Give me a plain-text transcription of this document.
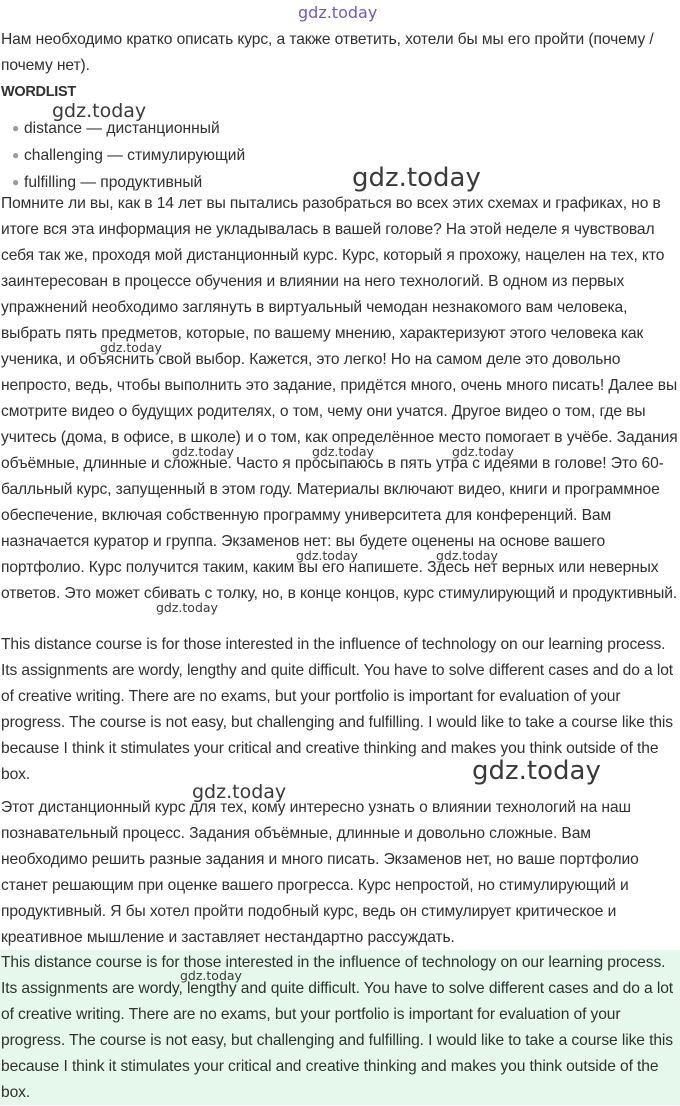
gdz.today

Нам необходимо кратко описать курс, а также ответить, хотели бы мы его пройти (почему / почему нет).

WORDLIST
● distance — дистанционный
● challenging — стимулирующий
● fulfilling — продуктивный

Помните ли вы, как в 14 лет вы пытались разобраться во всех этих схемах и графиках, но в итоге вся эта информация не укладывалась в вашей голове? На этой неделе я чувствовал себя так же, проходя мой дистанционный курс. Курс, который я прохожу, нацелен на тех, кто заинтересован в процессе обучения и влиянии на него технологий. В одном из первых упражнений необходимо заглянуть в виртуальный чемодан незнакомого вам человека, выбрать пять предметов, которые, по вашему мнению, характеризуют этого человека как ученика, и объяснить свой выбор. Кажется, это легко! Но на самом деле это довольно непросто, ведь, чтобы выполнить это задание, придётся много, очень много писать! Далее вы смотрите видео о будущих родителях, о том, чему они учатся. Другое видео о том, где вы учитесь (дома, в офисе, в школе) и о том, как определённое место помогает в учёбе. Задания объёмные, длинные и сложные. Часто я просыпаюсь в пять утра с идеями в голове! Это 60-балльный курс, запущенный в этом году. Материалы включают видео, книги и программное обеспечение, включая собственную программу университета для конференций. Вам назначается куратор и группа. Экзаменов нет: вы будете оценены на основе вашего портфолио. Курс получится таким, каким вы его напишете. Здесь нет верных или неверных ответов. Это может сбивать с толку, но, в конце концов, курс стимулирующий и продуктивный.

This distance course is for those interested in the influence of technology on our learning process. Its assignments are wordy, lengthy and quite difficult. You have to solve different cases and do a lot of creative writing. There are no exams, but your portfolio is important for evaluation of your progress. The course is not easy, but challenging and fulfilling. I would like to take a course like this because I think it stimulates your critical and creative thinking and makes you think outside of the box.

Этот дистанционный курс для тех, кому интересно узнать о влиянии технологий на наш познавательный процесс. Задания объёмные, длинные и довольно сложные. Вам необходимо решить разные задания и много писать. Экзаменов нет, но ваше портфолио станет решающим при оценке вашего прогресса. Курс непростой, но стимулирующий и продуктивный. Я бы хотел пройти подобный курс, ведь он стимулирует критическое и креативное мышление и заставляет нестандартно рассуждать.

This distance course is for those interested in the influence of technology on our learning process. Its assignments are wordy, lengthy and quite difficult. You have to solve different cases and do a lot of creative writing. There are no exams, but your portfolio is important for evaluation of your progress. The course is not easy, but challenging and fulfilling. I would like to take a course like this because I think it stimulates your critical and creative thinking and makes you think outside of the box.

gdz.today
gdz.today
gdz.today
gdz.today	gdz.today	gdz.today
gdz.today	gdz.today
gdz.today
gdz.today
gdz.today
gdz.today
